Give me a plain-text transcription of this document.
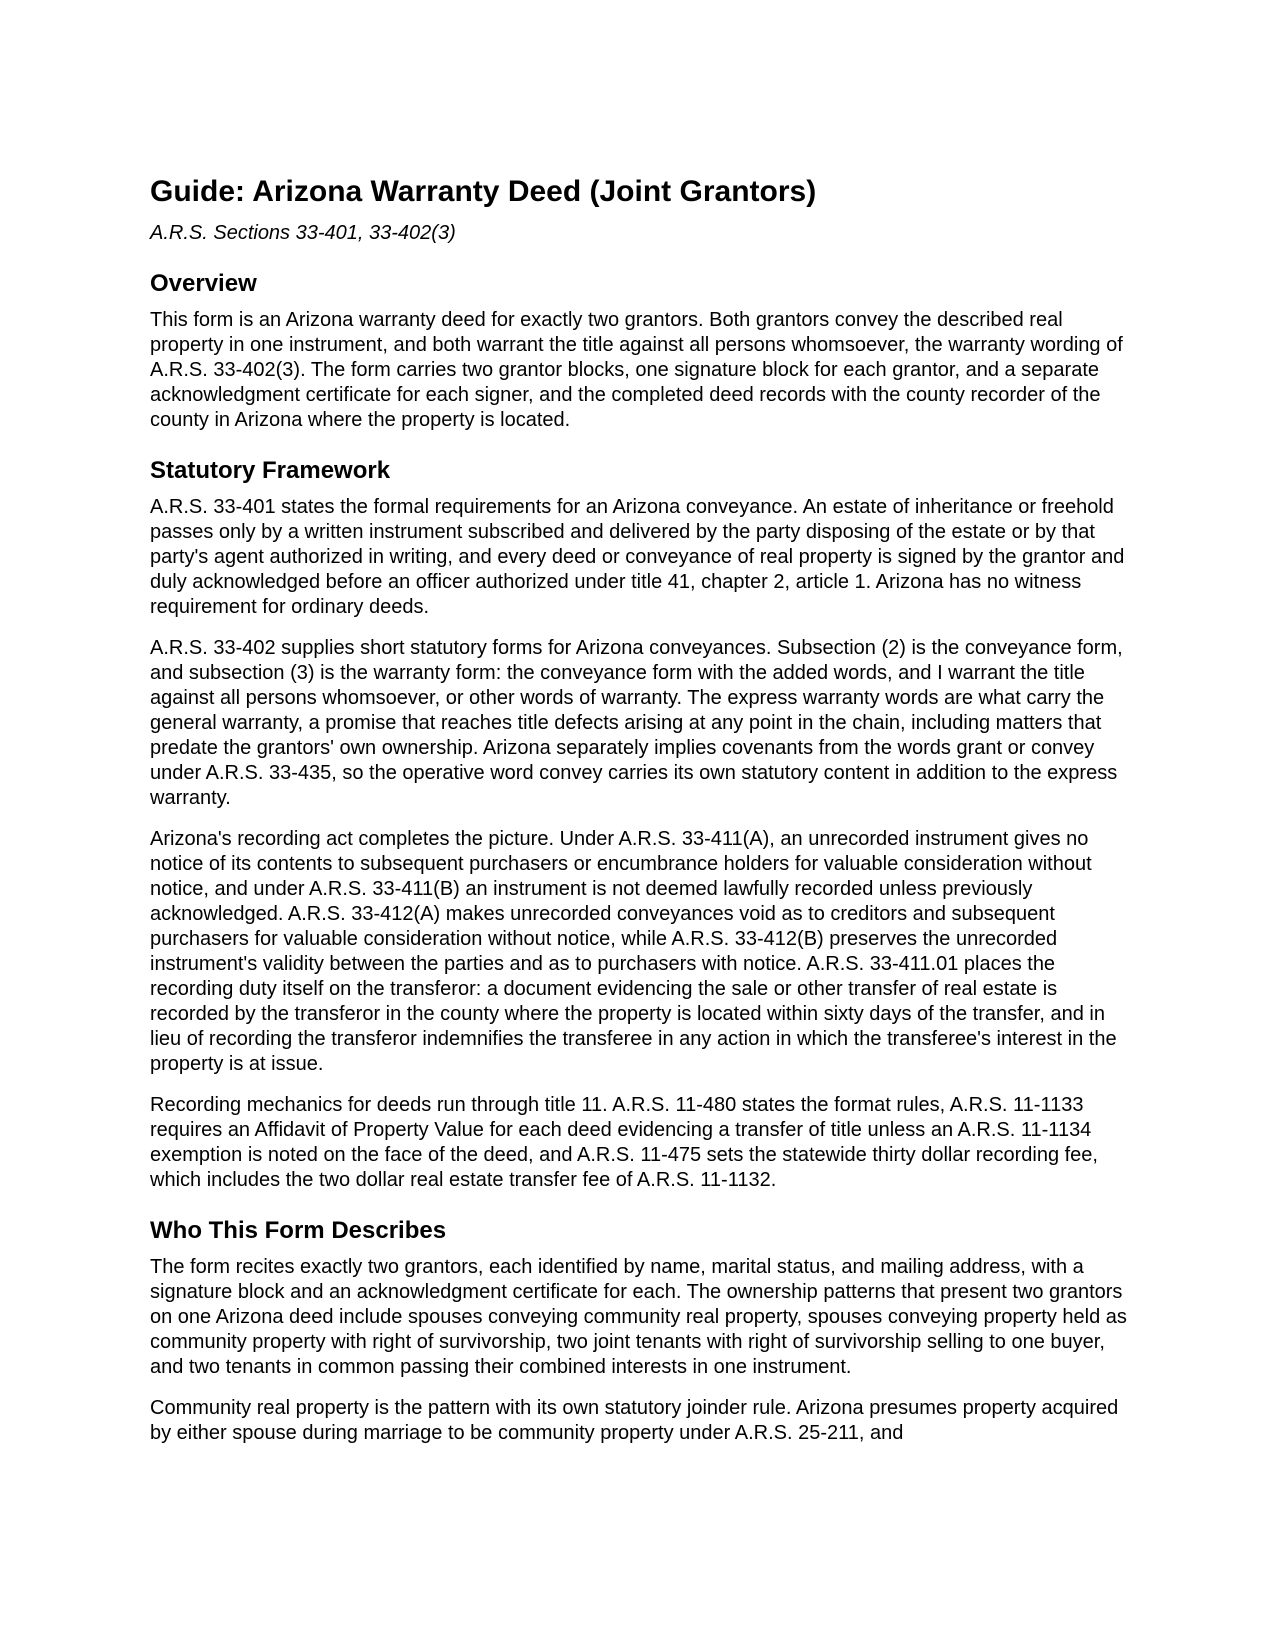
Guide: Arizona Warranty Deed (Joint Grantors)
A.R.S. Sections 33-401, 33-402(3)
Overview

This form is an Arizona warranty deed for exactly two grantors. Both grantors convey the described real property in one instrument, and both warrant the title against all persons whomsoever, the warranty wording of A.R.S. 33-402(3). The form carries two grantor blocks, one signature block for each grantor, and a separate acknowledgment certificate for each signer, and the completed deed records with the county recorder of the county in Arizona where the property is located.

Statutory Framework

A.R.S. 33-401 states the formal requirements for an Arizona conveyance. An estate of inheritance or freehold passes only by a written instrument subscribed and delivered by the party disposing of the estate or by that party's agent authorized in writing, and every deed or conveyance of real property is signed by the grantor and duly acknowledged before an officer authorized under title 41, chapter 2, article 1. Arizona has no witness requirement for ordinary deeds.

A.R.S. 33-402 supplies short statutory forms for Arizona conveyances. Subsection (2) is the conveyance form, and subsection (3) is the warranty form: the conveyance form with the added words, and I warrant the title against all persons whomsoever, or other words of warranty. The express warranty words are what carry the general warranty, a promise that reaches title defects arising at any point in the chain, including matters that predate the grantors' own ownership. Arizona separately implies covenants from the words grant or convey under A.R.S. 33-435, so the operative word convey carries its own statutory content in addition to the express warranty.

Arizona's recording act completes the picture. Under A.R.S. 33-411(A), an unrecorded instrument gives no notice of its contents to subsequent purchasers or encumbrance holders for valuable consideration without notice, and under A.R.S. 33-411(B) an instrument is not deemed lawfully recorded unless previously acknowledged. A.R.S. 33-412(A) makes unrecorded conveyances void as to creditors and subsequent purchasers for valuable consideration without notice, while A.R.S. 33-412(B) preserves the unrecorded instrument's validity between the parties and as to purchasers with notice. A.R.S. 33-411.01 places the recording duty itself on the transferor: a document evidencing the sale or other transfer of real estate is recorded by the transferor in the county where the property is located within sixty days of the transfer, and in lieu of recording the transferor indemnifies the transferee in any action in which the transferee's interest in the property is at issue.

Recording mechanics for deeds run through title 11. A.R.S. 11-480 states the format rules, A.R.S. 11-1133 requires an Affidavit of Property Value for each deed evidencing a transfer of title unless an A.R.S. 11-1134 exemption is noted on the face of the deed, and A.R.S. 11-475 sets the statewide thirty dollar recording fee, which includes the two dollar real estate transfer fee of A.R.S. 11-1132.

Who This Form Describes

The form recites exactly two grantors, each identified by name, marital status, and mailing address, with a signature block and an acknowledgment certificate for each. The ownership patterns that present two grantors on one Arizona deed include spouses conveying community real property, spouses conveying property held as community property with right of survivorship, two joint tenants with right of survivorship selling to one buyer, and two tenants in common passing their combined interests in one instrument.

Community real property is the pattern with its own statutory joinder rule. Arizona presumes property acquired by either spouse during marriage to be community property under A.R.S. 25-211, and
